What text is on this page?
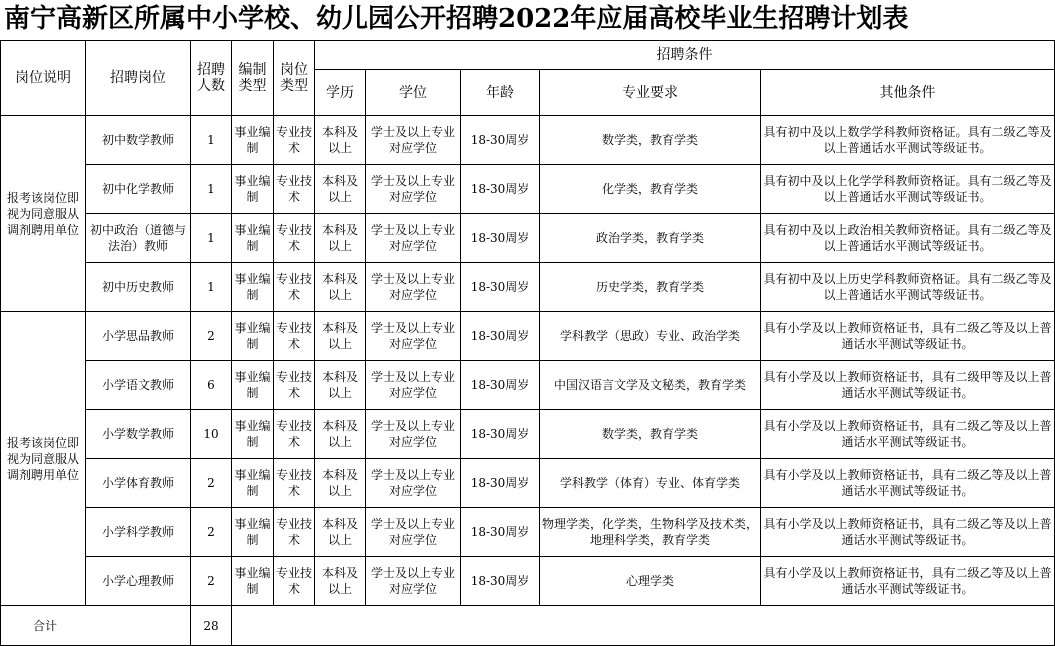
南宁高新区所属中小学校、幼儿园公开招聘2022年应届高校毕业生招聘计划表
岗位说明	招聘岗位	招聘人数	编制类型	岗位类型	招聘条件				
					学历	学位	年龄	专业要求	其他条件
报考该岗位即视为同意服从调剂聘用单位	初中数学教师	1	事业编制	专业技术	本科及以上	学士及以上专业对应学位	18-30周岁	数学类，教育学类	具有初中及以上数学学科教师资格证。具有二级乙等及以上普通话水平测试等级证书。
	初中化学教师	1	事业编制	专业技术	本科及以上	学士及以上专业对应学位	18-30周岁	化学类，教育学类	具有初中及以上化学学科教师资格证。具有二级乙等及以上普通话水平测试等级证书。
	初中政治（道德与法治）教师	1	事业编制	专业技术	本科及以上	学士及以上专业对应学位	18-30周岁	政治学类，教育学类	具有初中及以上政治相关教师资格证。具有二级乙等及以上普通话水平测试等级证书。
	初中历史教师	1	事业编制	专业技术	本科及以上	学士及以上专业对应学位	18-30周岁	历史学类，教育学类	具有初中及以上历史学科教师资格证。具有二级乙等及以上普通话水平测试等级证书。
报考该岗位即视为同意服从调剂聘用单位	小学思品教师	2	事业编制	专业技术	本科及以上	学士及以上专业对应学位	18-30周岁	学科教学（思政）专业、政治学类	具有小学及以上教师资格证书，具有二级乙等及以上普通话水平测试等级证书。
	小学语文教师	6	事业编制	专业技术	本科及以上	学士及以上专业对应学位	18-30周岁	中国汉语言文学及文秘类，教育学类	具有小学及以上教师资格证书，具有二级甲等及以上普通话水平测试等级证书。
	小学数学教师	10	事业编制	专业技术	本科及以上	学士及以上专业对应学位	18-30周岁	数学类，教育学类	具有小学及以上教师资格证书，具有二级乙等及以上普通话水平测试等级证书。
	小学体育教师	2	事业编制	专业技术	本科及以上	学士及以上专业对应学位	18-30周岁	学科教学（体育）专业、体育学类	具有小学及以上教师资格证书，具有二级乙等及以上普通话水平测试等级证书。
	小学科学教师	2	事业编制	专业技术	本科及以上	学士及以上专业对应学位	18-30周岁	物理学类，化学类，生物科学及技术类，地理科学类，教育学类	具有小学及以上教师资格证书，具有二级乙等及以上普通话水平测试等级证书。
	小学心理教师	2	事业编制	专业技术	本科及以上	学士及以上专业对应学位	18-30周岁	心理学类	具有小学及以上教师资格证书，具有二级乙等及以上普通话水平测试等级证书。
合计		28							
